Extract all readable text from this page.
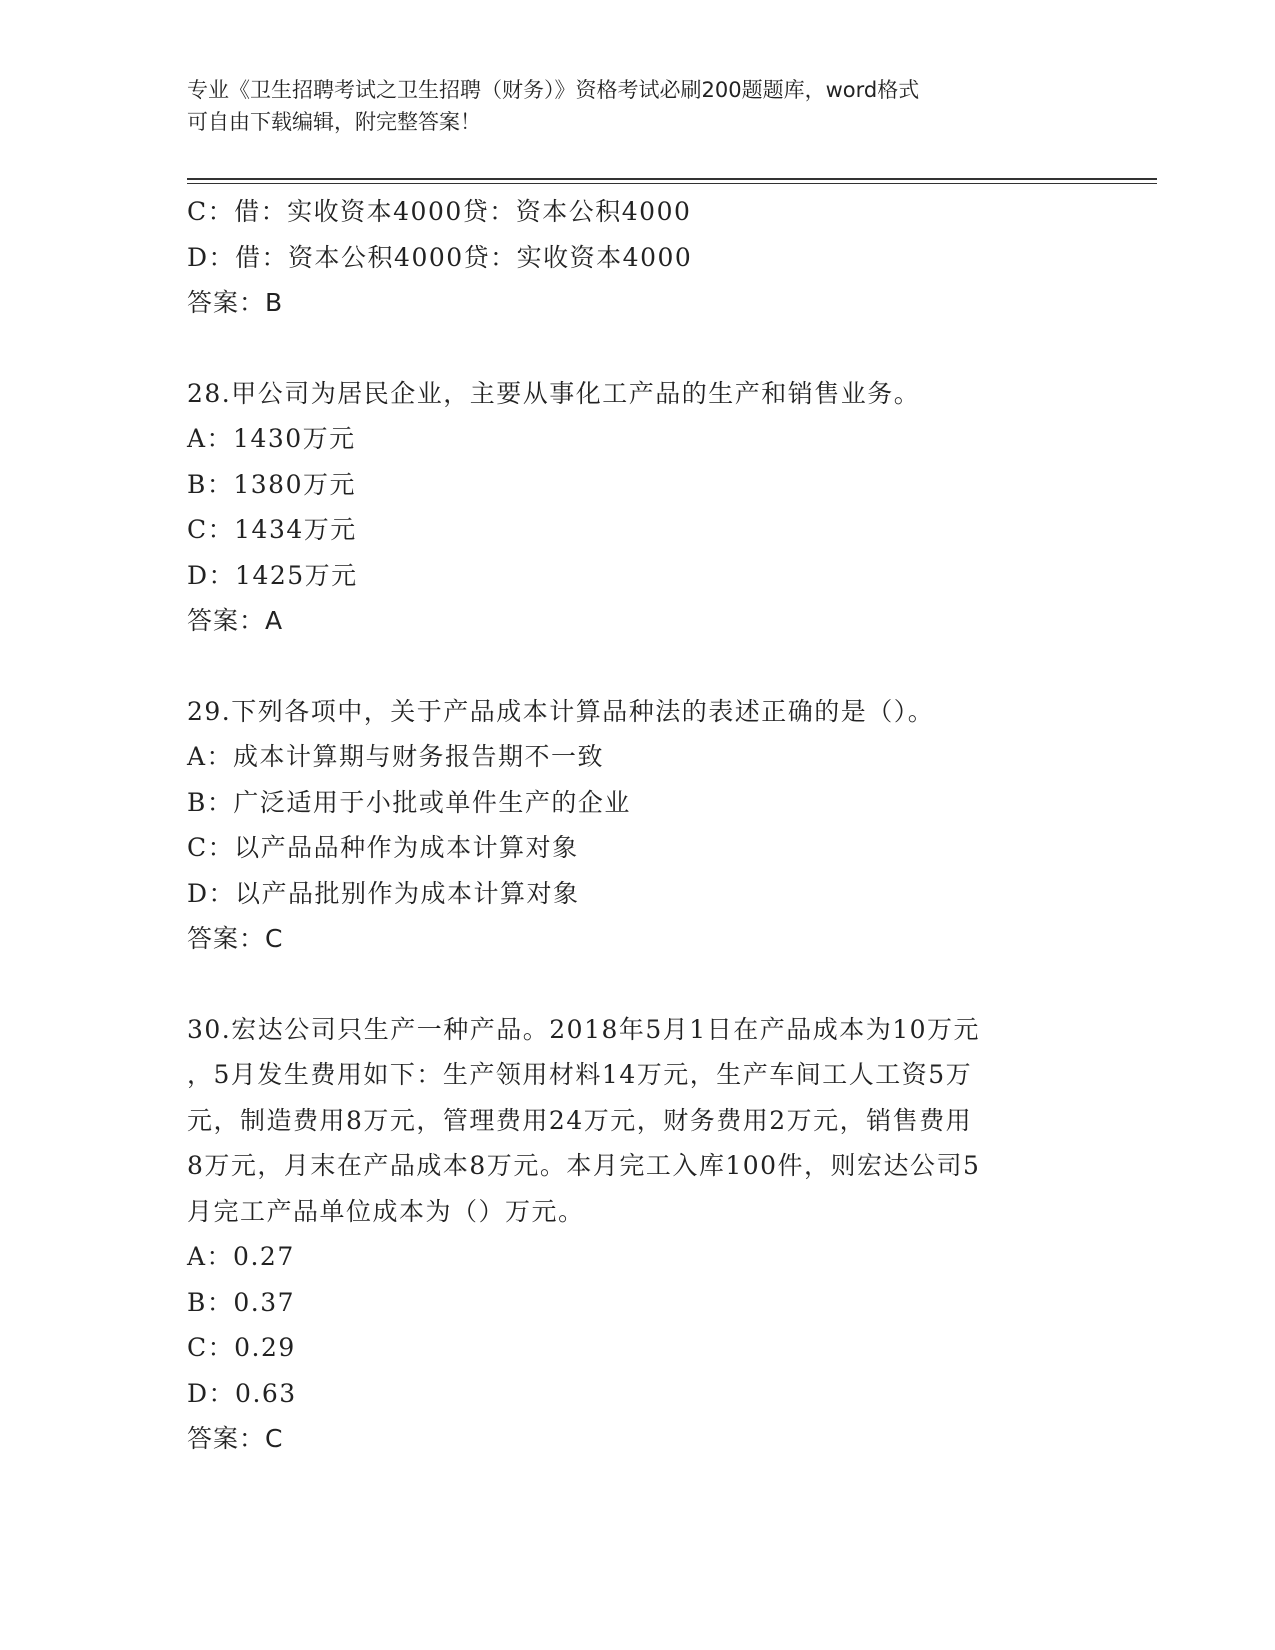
专业《卫生招聘考试之卫生招聘（财务）》资格考试必刷200题题库，word格式
可自由下载编辑，附完整答案！
C：借：实收资本4000贷：资本公积4000
D：借：资本公积4000贷：实收资本4000
答案：B
28.甲公司为居民企业，主要从事化工产品的生产和销售业务。
A：1430万元
B：1380万元
C：1434万元
D：1425万元
答案：A
29.下列各项中，关于产品成本计算品种法的表述正确的是（）。
A：成本计算期与财务报告期不一致
B：广泛适用于小批或单件生产的企业
C：以产品品种作为成本计算对象
D：以产品批别作为成本计算对象
答案：C
30.宏达公司只生产一种产品。2018年5月1日在产品成本为10万元
，5月发生费用如下：生产领用材料14万元，生产车间工人工资5万
元，制造费用8万元，管理费用24万元，财务费用2万元，销售费用
8万元，月末在产品成本8万元。本月完工入库100件，则宏达公司5
月完工产品单位成本为（）万元。
A：0.27
B：0.37
C：0.29
D：0.63
答案：C
